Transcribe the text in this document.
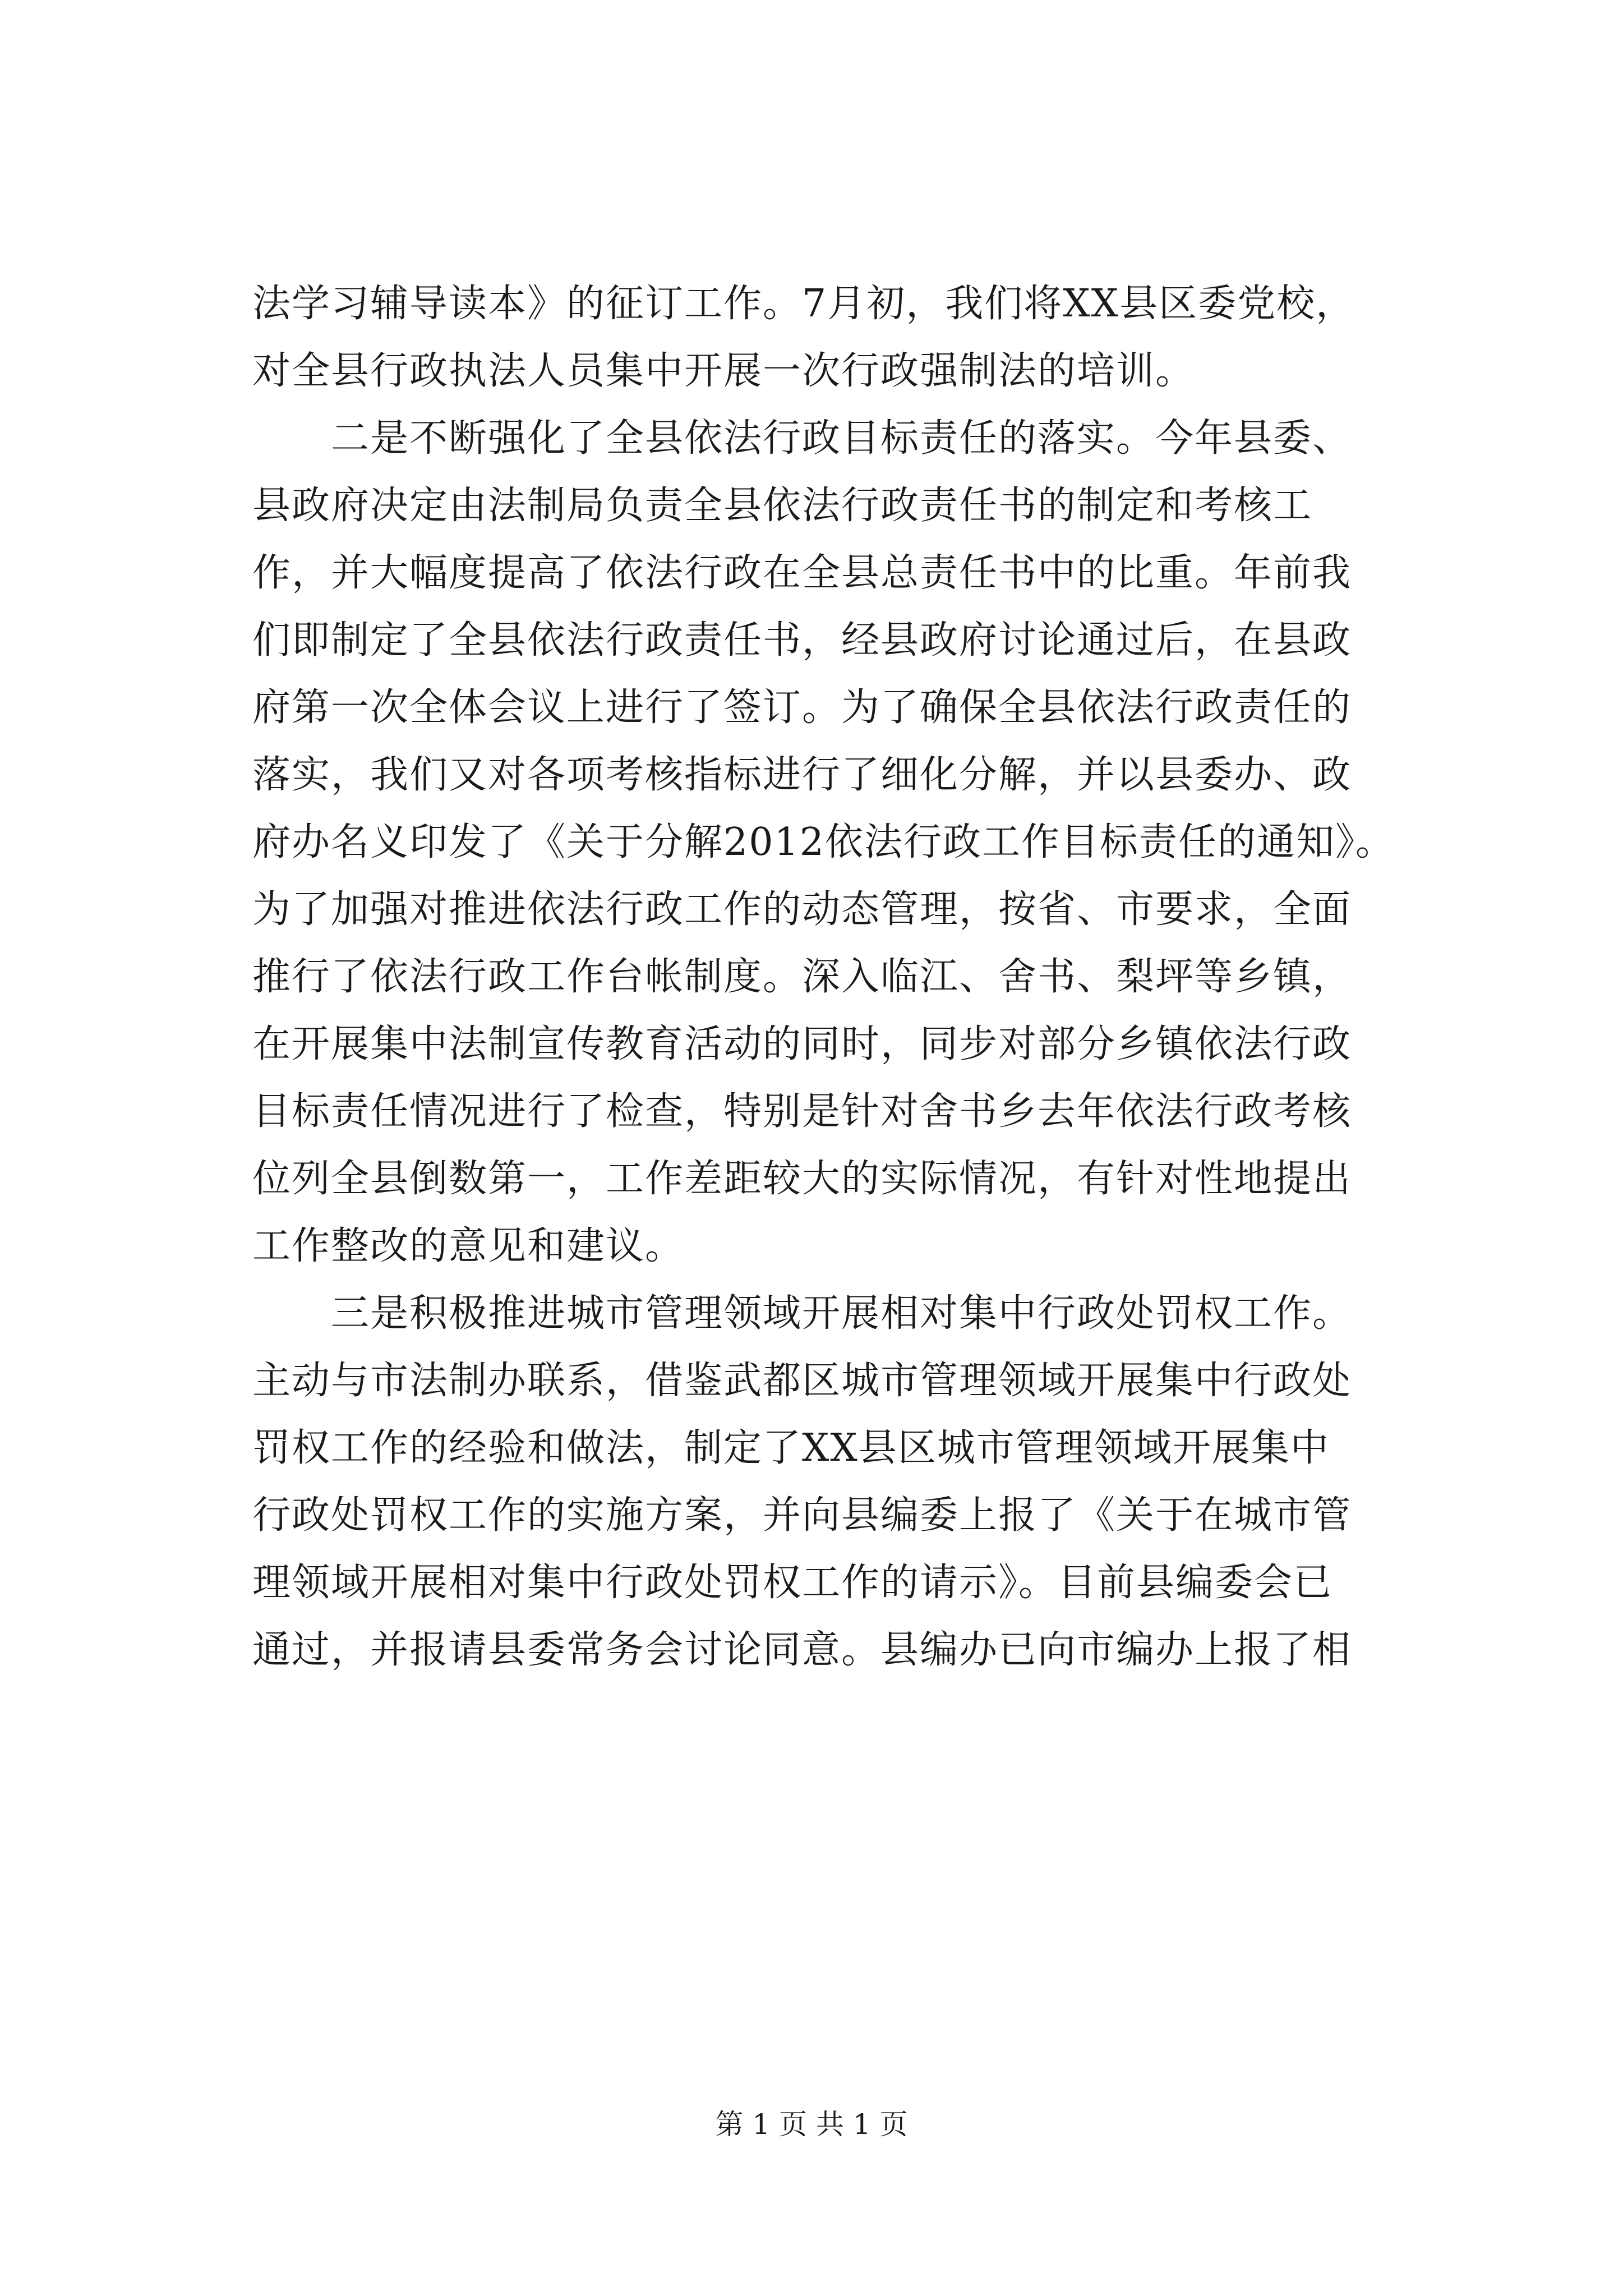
法学习辅导读本》的征订工作。7月初，我们将XX县区委党校，
对全县行政执法人员集中开展一次行政强制法的培训。
　　二是不断强化了全县依法行政目标责任的落实。今年县委、
县政府决定由法制局负责全县依法行政责任书的制定和考核工
作，并大幅度提高了依法行政在全县总责任书中的比重。年前我
们即制定了全县依法行政责任书，经县政府讨论通过后，在县政
府第一次全体会议上进行了签订。为了确保全县依法行政责任的
落实，我们又对各项考核指标进行了细化分解，并以县委办、政
府办名义印发了《关于分解2012依法行政工作目标责任的通知》。
为了加强对推进依法行政工作的动态管理，按省、市要求，全面
推行了依法行政工作台帐制度。深入临江、舍书、梨坪等乡镇，
在开展集中法制宣传教育活动的同时，同步对部分乡镇依法行政
目标责任情况进行了检查，特别是针对舍书乡去年依法行政考核
位列全县倒数第一，工作差距较大的实际情况，有针对性地提出
工作整改的意见和建议。
　　三是积极推进城市管理领域开展相对集中行政处罚权工作。
主动与市法制办联系，借鉴武都区城市管理领域开展集中行政处
罚权工作的经验和做法，制定了XX县区城市管理领域开展集中
行政处罚权工作的实施方案，并向县编委上报了《关于在城市管
理领域开展相对集中行政处罚权工作的请示》。目前县编委会已
通过，并报请县委常务会讨论同意。县编办已向市编办上报了相
第 1 页 共 1 页
